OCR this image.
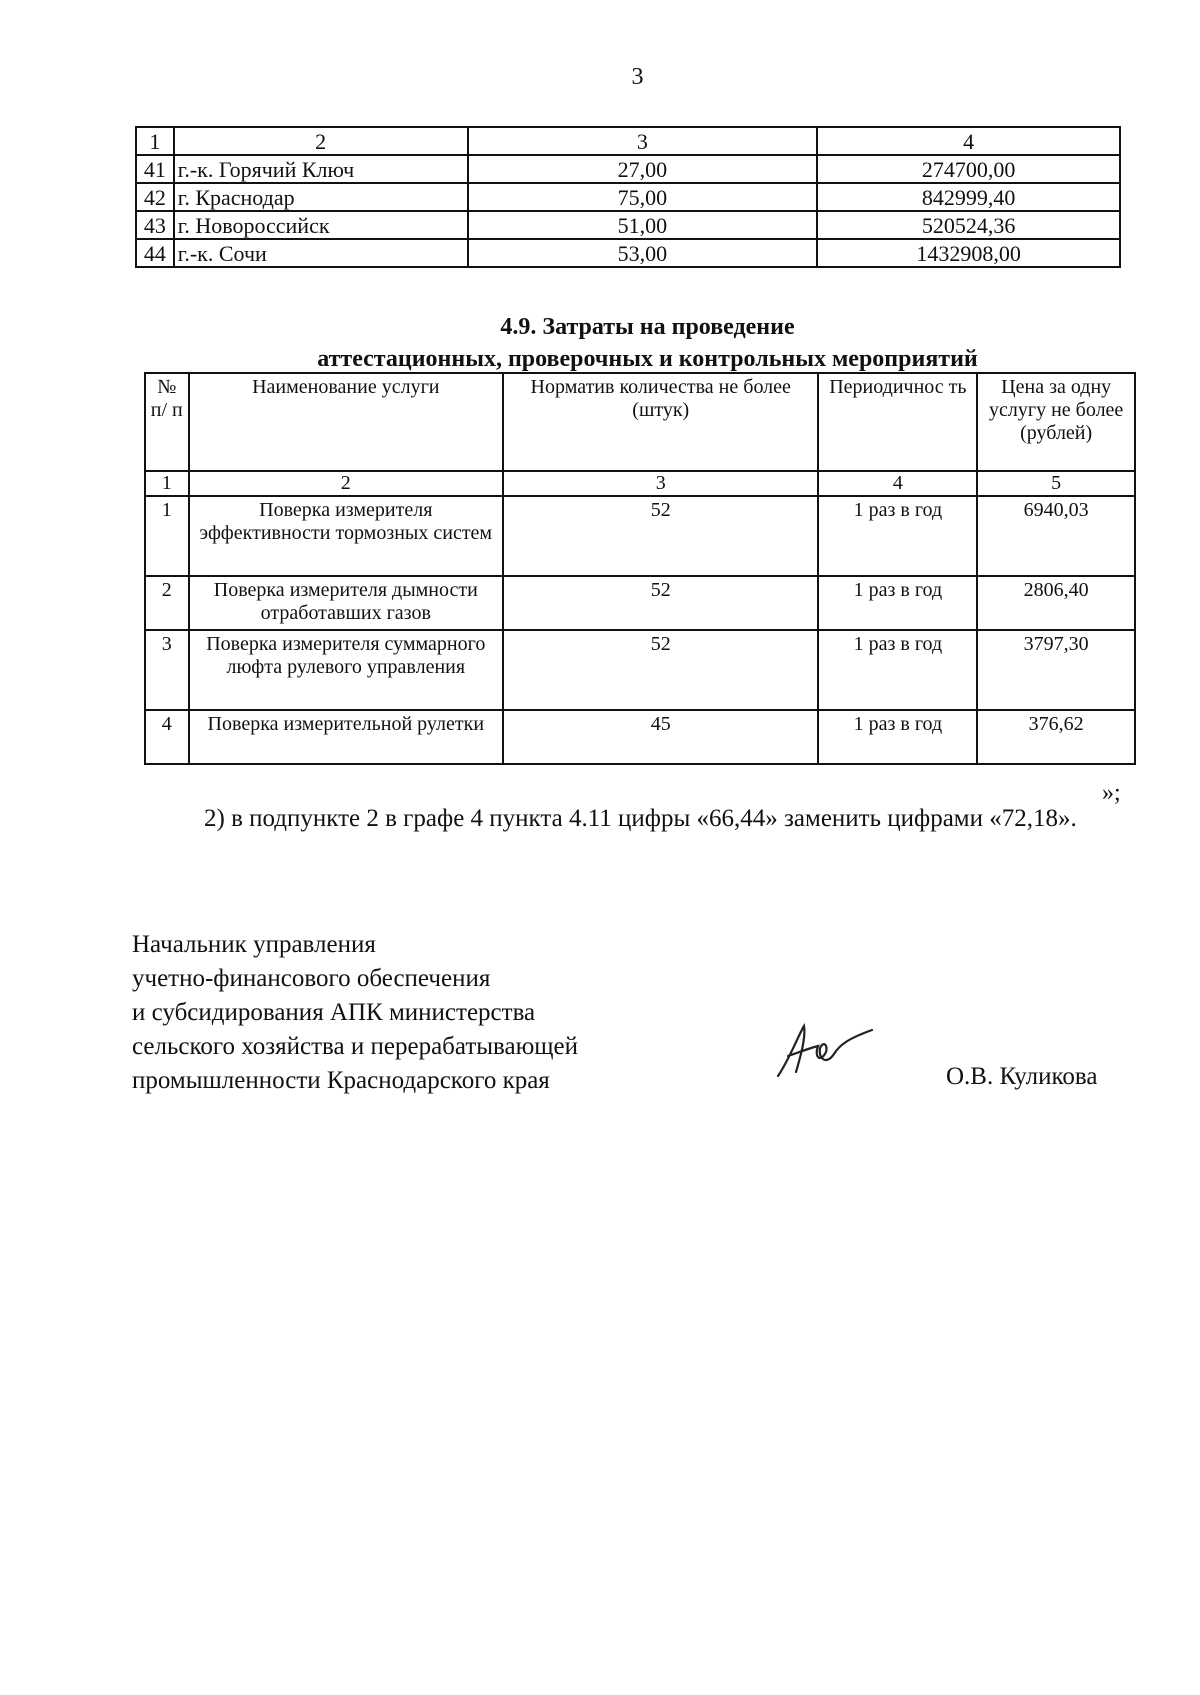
3
1	2	3	4
41	г.-к. Горячий Ключ	27,00	274700,00
42	г. Краснодар	75,00	842999,40
43	г. Новороссийск	51,00	520524,36
44	г.-к. Сочи	53,00	1432908,00
4.9. Затраты на проведение
аттестационных, проверочных и контрольных мероприятий
№ п/ п	Наименование услуги	Норматив количества не более (штук)	Периодичнос ть	Цена за одну услугу не более (рублей)
1	2	3	4	5
1	Поверка измерителя эффективности тормозных систем	52	1 раз в год	6940,03
2	Поверка измерителя дымности отработавших газов	52	1 раз в год	2806,40
3	Поверка измерителя суммарного люфта рулевого управления	52	1 раз в год	3797,30
4	Поверка измерительной рулетки	45	1 раз в год	376,62
»;
2) в подпункте 2 в графе 4 пункта 4.11 цифры «66,44» заменить цифрами «72,18».
Начальник управления
учетно-финансового обеспечения
и субсидирования АПК министерства
сельского хозяйства и перерабатывающей
промышленности Краснодарского края	О.В. Куликова
